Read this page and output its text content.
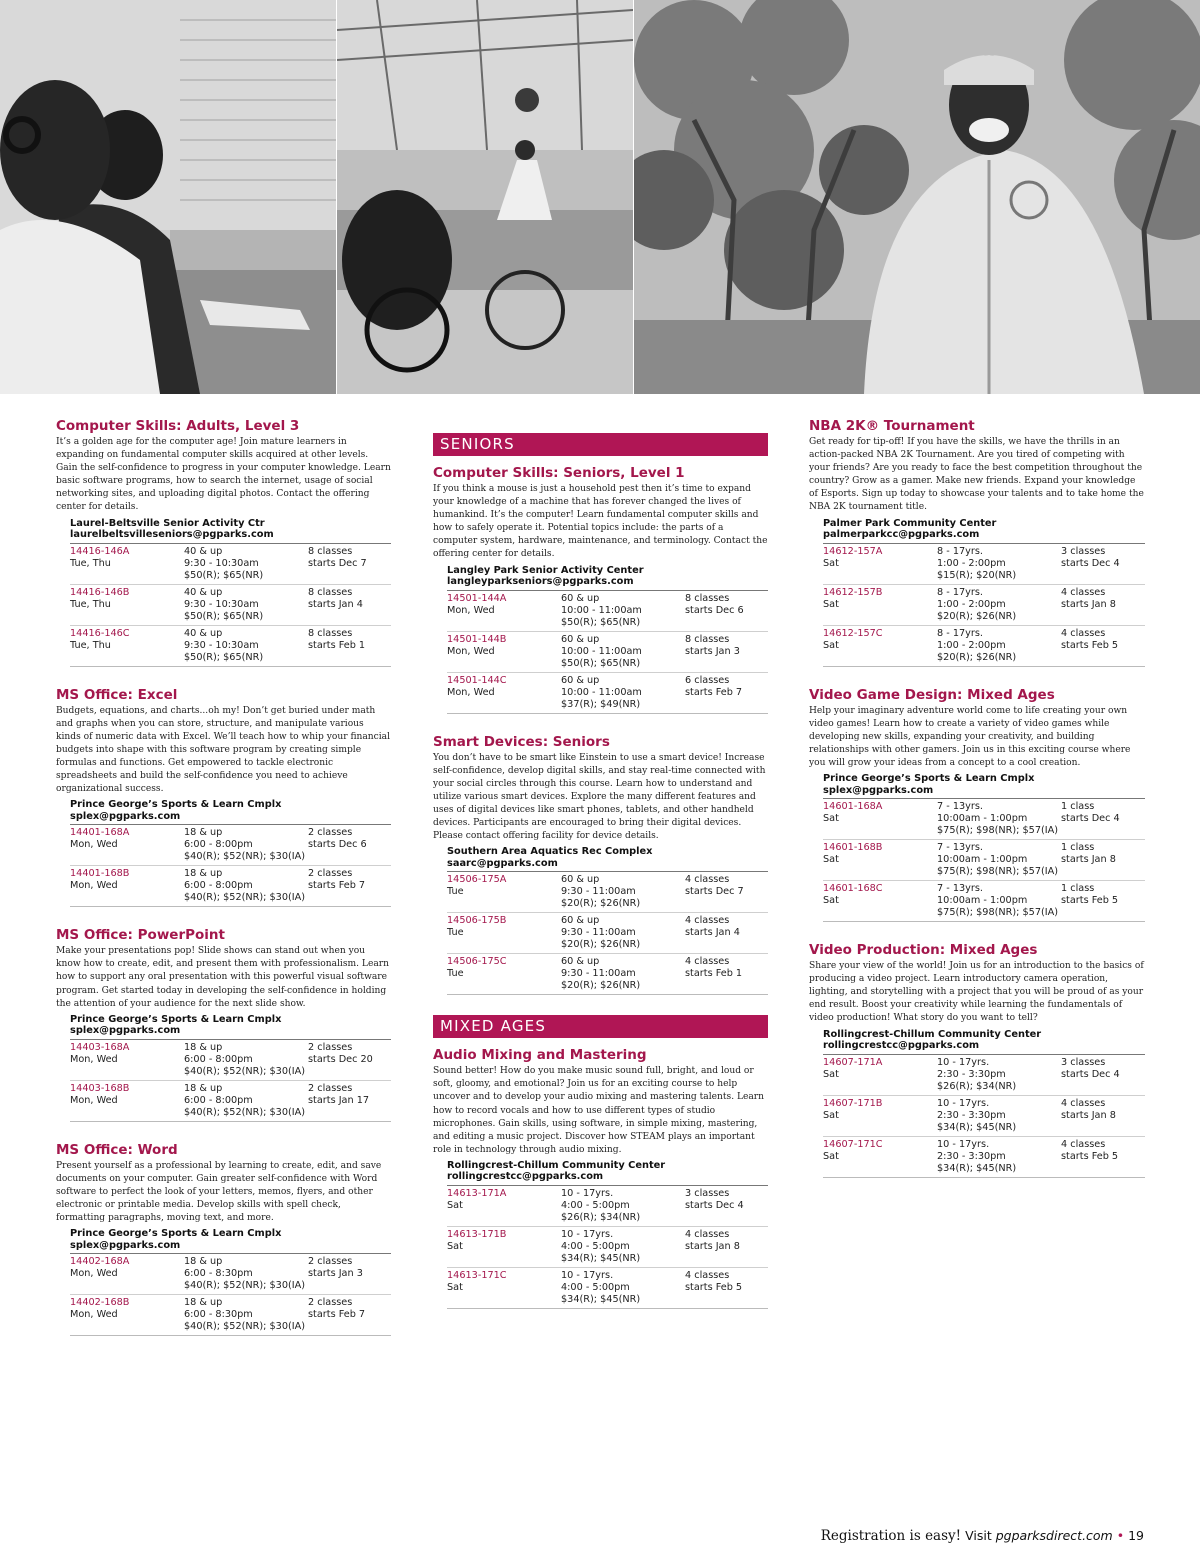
Computer Skills: Adults, Level 3
It’s a golden age for the computer age! Join mature learners in expanding on fundamental computer skills acquired at other levels. Gain the self-confidence to progress in your computer knowledge. Learn basic software programs, how to search the internet, usage of social networking sites, and uploading digital photos. Contact the offering center for details.
Laurel-Beltsville Senior Activity Ctr
laurelbeltsvilleseniors@pgparks.com
14416-146A	40 & up	8 classes
Tue, Thu	9:30 - 10:30am	starts Dec 7
$50(R); $65(NR)
14416-146B	40 & up	8 classes
Tue, Thu	9:30 - 10:30am	starts Jan 4
$50(R); $65(NR)
14416-146C	40 & up	8 classes
Tue, Thu	9:30 - 10:30am	starts Feb 1
$50(R); $65(NR)
MS Office: Excel
Budgets, equations, and charts...oh my! Don’t get buried under math and graphs when you can store, structure, and manipulate various kinds of numeric data with Excel. We’ll teach how to whip your financial budgets into shape with this software program by creating simple formulas and functions. Get empowered to tackle electronic spreadsheets and build the self-confidence you need to achieve organizational success.
Prince George’s Sports & Learn Cmplx
splex@pgparks.com
14401-168A	18 & up	2 classes
Mon, Wed	6:00 - 8:00pm	starts Dec 6
$40(R); $52(NR); $30(IA)
14401-168B	18 & up	2 classes
Mon, Wed	6:00 - 8:00pm	starts Feb 7
$40(R); $52(NR); $30(IA)
MS Office: PowerPoint
Make your presentations pop! Slide shows can stand out when you know how to create, edit, and present them with professionalism. Learn how to support any oral presentation with this powerful visual software program. Get started today in developing the self-confidence in holding the attention of your audience for the next slide show.
Prince George’s Sports & Learn Cmplx
splex@pgparks.com
14403-168A	18 & up	2 classes
Mon, Wed	6:00 - 8:00pm	starts Dec 20
$40(R); $52(NR); $30(IA)
14403-168B	18 & up	2 classes
Mon, Wed	6:00 - 8:00pm	starts Jan 17
$40(R); $52(NR); $30(IA)
MS Office: Word
Present yourself as a professional by learning to create, edit, and save documents on your computer. Gain greater self-confidence with Word software to perfect the look of your letters, memos, flyers, and other electronic or printable media. Develop skills with spell check, formatting paragraphs, moving text, and more.
Prince George’s Sports & Learn Cmplx
splex@pgparks.com
14402-168A	18 & up	2 classes
Mon, Wed	6:00 - 8:30pm	starts Jan 3
$40(R); $52(NR); $30(IA)
14402-168B	18 & up	2 classes
Mon, Wed	6:00 - 8:30pm	starts Feb 7
$40(R); $52(NR); $30(IA)
SENIORS
Computer Skills: Seniors, Level 1
If you think a mouse is just a household pest then it’s time to expand your knowledge of a machine that has forever changed the lives of humankind. It’s the computer! Learn fundamental computer skills and how to safely operate it. Potential topics include: the parts of a computer system, hardware, maintenance, and terminology. Contact the offering center for details.
Langley Park Senior Activity Center
langleyparkseniors@pgparks.com
14501-144A	60 & up	8 classes
Mon, Wed	10:00 - 11:00am	starts Dec 6
$50(R); $65(NR)
14501-144B	60 & up	8 classes
Mon, Wed	10:00 - 11:00am	starts Jan 3
$50(R); $65(NR)
14501-144C	60 & up	6 classes
Mon, Wed	10:00 - 11:00am	starts Feb 7
$37(R); $49(NR)
Smart Devices: Seniors
You don’t have to be smart like Einstein to use a smart device! Increase self-confidence, develop digital skills, and stay real-time connected with your social circles through this course. Learn how to understand and utilize various smart devices. Explore the many different features and uses of digital devices like smart phones, tablets, and other handheld devices. Participants are encouraged to bring their digital devices. Please contact offering facility for device details.
Southern Area Aquatics Rec Complex
saarc@pgparks.com
14506-175A	60 & up	4 classes
Tue	9:30 - 11:00am	starts Dec 7
$20(R); $26(NR)
14506-175B	60 & up	4 classes
Tue	9:30 - 11:00am	starts Jan 4
$20(R); $26(NR)
14506-175C	60 & up	4 classes
Tue	9:30 - 11:00am	starts Feb 1
$20(R); $26(NR)
MIXED AGES
Audio Mixing and Mastering
Sound better! How do you make music sound full, bright, and loud or soft, gloomy, and emotional? Join us for an exciting course to help uncover and to develop your audio mixing and mastering talents. Learn how to record vocals and how to use different types of studio microphones. Gain skills, using software, in simple mixing, mastering, and editing a music project. Discover how STEAM plays an important role in technology through audio mixing.
Rollingcrest-Chillum Community Center
rollingcrestcc@pgparks.com
14613-171A	10 - 17yrs.	3 classes
Sat	4:00 - 5:00pm	starts Dec 4
$26(R); $34(NR)
14613-171B	10 - 17yrs.	4 classes
Sat	4:00 - 5:00pm	starts Jan 8
$34(R); $45(NR)
14613-171C	10 - 17yrs.	4 classes
Sat	4:00 - 5:00pm	starts Feb 5
$34(R); $45(NR)
NBA 2K® Tournament
Get ready for tip-off! If you have the skills, we have the thrills in an action-packed NBA 2K Tournament. Are you tired of competing with your friends? Are you ready to face the best competition throughout the country? Grow as a gamer. Make new friends. Expand your knowledge of Esports. Sign up today to showcase your talents and to take home the NBA 2K tournament title.
Palmer Park Community Center
palmerparkcc@pgparks.com
14612-157A	8 - 17yrs.	3 classes
Sat	1:00 - 2:00pm	starts Dec 4
$15(R); $20(NR)
14612-157B	8 - 17yrs.	4 classes
Sat	1:00 - 2:00pm	starts Jan 8
$20(R); $26(NR)
14612-157C	8 - 17yrs.	4 classes
Sat	1:00 - 2:00pm	starts Feb 5
$20(R); $26(NR)
Video Game Design: Mixed Ages
Help your imaginary adventure world come to life creating your own video games! Learn how to create a variety of video games while developing new skills, expanding your creativity, and building relationships with other gamers. Join us in this exciting course where you will grow your ideas from a concept to a cool creation.
Prince George’s Sports & Learn Cmplx
splex@pgparks.com
14601-168A	7 - 13yrs.	1 class
Sat	10:00am - 1:00pm	starts Dec 4
$75(R); $98(NR); $57(IA)
14601-168B	7 - 13yrs.	1 class
Sat	10:00am - 1:00pm	starts Jan 8
$75(R); $98(NR); $57(IA)
14601-168C	7 - 13yrs.	1 class
Sat	10:00am - 1:00pm	starts Feb 5
$75(R); $98(NR); $57(IA)
Video Production: Mixed Ages
Share your view of the world! Join us for an introduction to the basics of producing a video project. Learn introductory camera operation, lighting, and storytelling with a project that you will be proud of as your end result. Boost your creativity while learning the fundamentals of video production! What story do you want to tell?
Rollingcrest-Chillum Community Center
rollingcrestcc@pgparks.com
14607-171A	10 - 17yrs.	3 classes
Sat	2:30 - 3:30pm	starts Dec 4
$26(R); $34(NR)
14607-171B	10 - 17yrs.	4 classes
Sat	2:30 - 3:30pm	starts Jan 8
$34(R); $45(NR)
14607-171C	10 - 17yrs.	4 classes
Sat	2:30 - 3:30pm	starts Feb 5
$34(R); $45(NR)
Registration is easy! Visit pgparksdirect.com • 19
